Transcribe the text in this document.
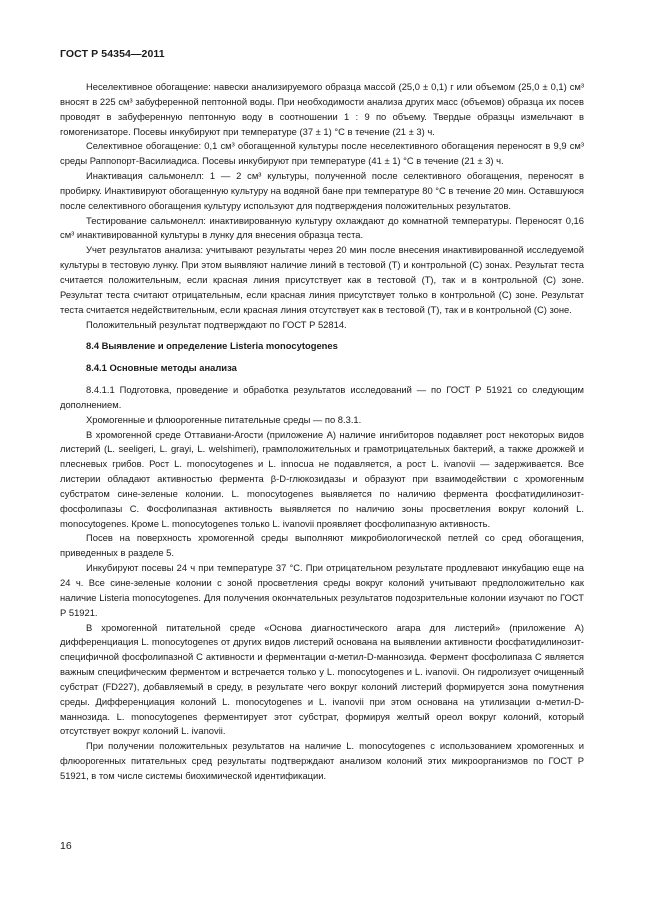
ГОСТ Р 54354—2011

Неселективное обогащение: навески анализируемого образца массой (25,0 ± 0,1) г или объемом (25,0 ± 0,1) см³ вносят в 225 см³ забуференной пептонной воды. При необходимости анализа других масс (объемов) образца их посев проводят в забуференную пептонную воду в соотношении 1 : 9 по объему. Твердые образцы измельчают в гомогенизаторе. Посевы инкубируют при температуре (37 ± 1) °С в течение (21 ± 3) ч.

Селективное обогащение: 0,1 см³ обогащенной культуры после неселективного обогащения переносят в 9,9 см³ среды Раппопорт-Василиадиса. Посевы инкубируют при температуре (41 ± 1) °С в течение (21 ± 3) ч.

Инактивация сальмонелл: 1 — 2 см³ культуры, полученной после селективного обогащения, переносят в пробирку. Инактивируют обогащенную культуру на водяной бане при температуре 80 °С в течение 20 мин. Оставшуюся после селективного обогащения культуру используют для подтверждения положительных результатов.

Тестирование сальмонелл: инактивированную культуру охлаждают до комнатной температуры. Переносят 0,16 см³ инактивированной культуры в лунку для внесения образца теста.

Учет результатов анализа: учитывают результаты через 20 мин после внесения инактивированной исследуемой культуры в тестовую лунку. При этом выявляют наличие линий в тестовой (Т) и контрольной (С) зонах. Результат теста считается положительным, если красная линия присутствует как в тестовой (Т), так и в контрольной (С) зоне. Результат теста считают отрицательным, если красная линия присутствует только в контрольной (С) зоне. Результат теста считается недействительным, если красная линия отсутствует как в тестовой (Т), так и в контрольной (С) зоне.

Положительный результат подтверждают по ГОСТ Р 52814.

8.4 Выявление и определение Listeria monocytogenes

8.4.1 Основные методы анализа

8.4.1.1 Подготовка, проведение и обработка результатов исследований — по ГОСТ Р 51921 со следующим дополнением.

Хромогенные и флюорогенные питательные среды — по 8.3.1.

В хромогенной среде Оттавиани-Агости (приложение А) наличие ингибиторов подавляет рост некоторых видов листерий (L. seeligeri, L. grayi, L. welshimeri), грамположительных и грамотрицательных бактерий, а также дрожжей и плесневых грибов. Рост L. monocytogenes и L. innocua не подавляется, а рост L. ivanovii — задерживается. Все листерии обладают активностью фермента β-D-глюкозидазы и образуют при взаимодействии с хромогенным субстратом сине-зеленые колонии. L. monocytogenes выявляется по наличию фермента фосфатидилинозит-фосфолипазы С. Фосфолипазная активность выявляется по наличию зоны просветления вокруг колоний L. monocytogenes. Кроме L. monocytogenes только L. ivanovii проявляет фосфолипазную активность.

Посев на поверхность хромогенной среды выполняют микробиологической петлей со сред обогащения, приведенных в разделе 5.

Инкубируют посевы 24 ч при температуре 37 °С. При отрицательном результате продлевают инкубацию еще на 24 ч. Все сине-зеленые колонии с зоной просветления среды вокруг колоний учитывают предположительно как наличие Listeria monocytogenes. Для получения окончательных результатов подозрительные колонии изучают по ГОСТ Р 51921.

В хромогенной питательной среде «Основа диагностического агара для листерий» (приложение А) дифференциация L. monocytogenes от других видов листерий основана на выявлении активности фосфатидилинозит-специфичной фосфолипазной С активности и ферментации α-метил-D-маннозида. Фермент фосфолипаза С является важным специфическим ферментом и встречается только у L. monocytogenes и L. ivanovii. Он гидролизует очищенный субстрат (FD227), добавляемый в среду, в результате чего вокруг колоний листерий формируется зона помутнения среды. Дифференциация колоний L. monocytogenes и L. ivanovii при этом основана на утилизации α-метил-D-маннозида. L. monocytogenes ферментирует этот субстрат, формируя желтый ореол вокруг колоний, который отсутствует вокруг колоний L. ivanovii.

При получении положительных результатов на наличие L. monocytogenes с использованием хромогенных и флюорогенных питательных сред результаты подтверждают анализом колоний этих микроорганизмов по ГОСТ Р 51921, в том числе системы биохимической идентификации.

16
